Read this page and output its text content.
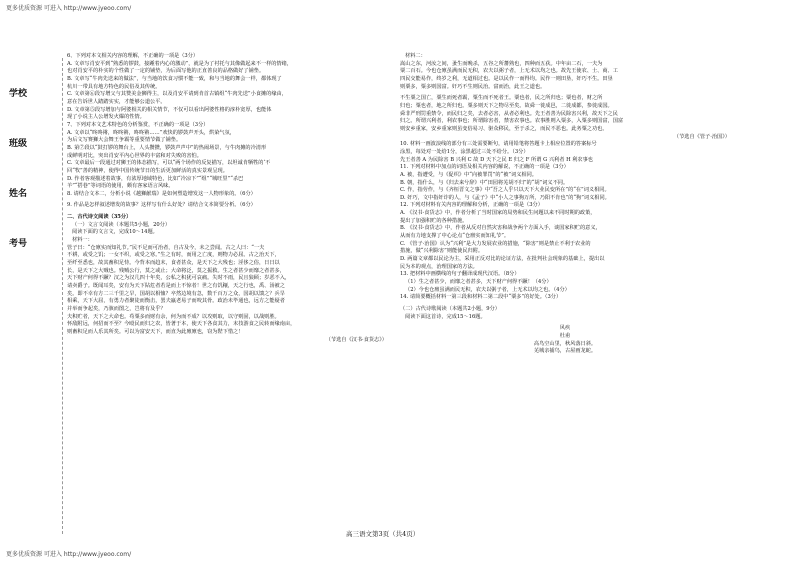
更多优质资源 可进入 http://www.jyeoo.com/
学校
班级
姓名
考号

6、下列对本文相关内容的理解，不正确的一项是（3分）

A. 文章写肖安平到“熟悉的锣鼓，接踵着内心的激动”，就是为了衬托与其像做起来不一样的情绪，

也对肖安平的朴实的个性做了一定的铺垫，为后面写他的正直善良的品格做好了铺垫。

B. 文章写“牛肉先送来的做法”，与当地的饮食习惯不能一致，和与当地的舞会一样，都体现了

杭川一带具有地方特色的民俗及其传统。

C. 文章第⑥段写增父与其赞美金狮得主，以及肖安平请到肯首古镇组“牛肉先送”小食摊的缘由，

意在告诉世人踏踏实实，才能够公道公平。

D. 文章第⑤段写增加与阿婆相关的相关情节，不仅可以看出阿婆性格的淳朴宽厚，也能体

现了小说主人公增发火爆的性情。

7、下列对本文艺术特色的分析鉴赏，不正确的一项是（3分）

A. 文章以“咚咚锵，咚咚锵，咚咚锵……”欢快的锣鼓声开头，烘染气氛，

为后文写赛狮大会舞王争霸等重要情节做了铺垫。

B. 第⑦段以“鼓打锣的舞台上，人头攒攒，锣鼓声声中”的热闹场景，与牛肉摊的冷清形

成鲜明对比，突出肖安平内心世界的丰富和对失败的害怕。

C. 文章最后一段通过对狮王的体态描写，可以“两个场作的反复描写，以坦诚肯牺牲的‘不

回“牧”善的精神，使得中国传统节日的生活更加鲜活的真实景观呈现。

D. 作者客观描述着故事，有浓厚地域特色，比如“冷凉下”“组”“城旺里”“杀巴

羊”“搭巷”等词语的使用，颇有客家语言风味。

8. 请结合文本二，分析小说《越狮献瑞》是如何塑造增发这一人物形象的。（6分）

9. 作品是怎样叙述增发的故事？这样写有什么好处？请结合文本简要分析。（6分）

二、古代诗文阅读（35分）

（一）文言文阅读（本题共5小题，20分）

阅读下面的文言文，完成10～14题。

材料一：

管子曰：“仓廪实而知礼节。”民不足而可治者，自古及今，未之尝闻。古之人曰：“一夫

不耕，或受之饥；一女不织，或受之寒。”生之有时，而用之亡度，则物力必屈。古之治天下，

至纤至悉也，故其畜积足恃。今背本而趋末，食者甚众，是天下之大残也；淫侈之俗，日日以

长，是天下之大贼也。残贼公行，莫之或止；大命将泛，莫之振救。生之者甚少而靡之者甚多，

天下财产何得不蹶？汉之为汉几四十年矣，公私之积犹可哀痛。失时不雨，民且狼顾；岁恶不入，

请卖爵子。既闻耳矣，安有为天下阽危者若是而上不惊者！世之有饥穰，天之行也，禹、汤被之

矣。即不幸有方二三千里之旱，国胡以相恤？卒然边境有急，数千百万之众，国胡以馈之？兵旱

相乘，天下大屈，有勇力者聚徒而衡击，罢夫羸老易子而咬其骨。政治未毕通也，远方之能疑者

并举而争起矣，乃骇而图之，岂将有及乎？

夫积贮者，天下之大命也。苟粟多而财有余，何为而不成？以攻则取，以守则固，以战则胜。

怀敌附远，何招而不至？今殴民而归之农，皆著于本，使天下各食其力，末技游食之民转而缘南亩，

则畜积足而人乐其所矣。可以为富安天下，而直为此廪廪也，窃为陛下惜之！

（节选自《汉书·食货志》）

材料二：

嵩山之东，河汝之间，蚤生而晚杀，五谷之所蕃熟也，四种而五获。中年亩二石，一夫为

粟二百石。今也仓廪虽满而民无积，农夫以粥子者，上无术以均之也。故先王使农、士、商、工

四民交能易作，终岁之利，无道相过也。是以民作一而得均。民作一则田垦，奸巧不生。田垦

则粟多，粟多则国富。奸巧不生则民治。富而治，此王之道也。

不生粟之国亡，粟生而死者霸，粟生而不死者王。粟也者，民之所归也；粟也者，财之所

归也；粟也者，地之所归也。粟多则天下之物尽至矣。故舜一徙成邑，二徙成都，参徙成国。

舜非严刑罚重禁令，而民归之矣，去者必害，从者必利也。先王者善为民除害兴利，故天下之民

归之。所谓兴利者，利农事也；所谓除害者，禁害农事也。农事胜则入粟多，入粟多则国富，国富

则安乡重家，安乡重家则虽变俗易习、驱众移民，至于杀之，而民不恶也。此务粟之功也。

（节选自《管子·治国》）

10. 材料一画波浪线的部分有三处需要断句，请用铅笔将答题卡上相应位置的答案标号

涂黑，每处对一处给1分，涂黑超过三处不给分。（3分）

先王者善 A 为民除害 B 兴利 C 故 D 天下之民 E 归之 F 所谓 G 兴利者 H 利农事也

11. 下列对材料中加点的词语及相关内容的解说，不正确的一项是（3分）

A. 被，指遭受，与《促织》中“向被罪罚”的“被”词义相同。

B. 朝，指什么，与《归去来兮辞》中“田园将芜胡不归”的“胡”词义不同。

C. 作，指劳作，与《齐桓晋文之事》中“吾之人乎只以天下大业民变所在”的“在”词义相同。

D. 奸巧，文中指奸诈的人，与《孟子》中“小人之事狗万所，乃阳不肯也”的“狗”词义相同。

12. 下列对材料有关内容的理解和分析，正确的一项是（3分）

A. 《汉书·食货志》中，作者分析了当时国家的局势和民生问题以来不同时期的政策，

提出了加强积贮的各种措施。

B. 《汉书·食货志》中，作者从反对自然灾害和战争两个方面入手，谈国家积贮的意义，

从而有力地支撑了中心论点“仓廪实而知礼节”。

C. 《管子·治国》认为“兴利”是大力发展农业的措施，“除害”则是禁止不利于农业的

措施，做“兴利除害”则能使民归附。

D. 两篇文章都以民论为主，采用正反对比的论证方法，在批判社会现象的基础上，提出以

民为本的观点，治理国家的方法。

13. 把材料中画横线的句子翻译成现代汉语。（8分）

（1）生之者甚少，而靡之者甚多，天下财产何得不蹶！（4分）

（2）今也仓廪虽满而民无积，农夫以粥子者，上无术以均之也。（4分）

14. 请简要概括材料一第三段和材料二第二段中“粟多”的好处。（3分）

（二）古代诗歌阅读（本题共2小题，9分）

阅读下面这首诗，完成15～16题。

风疾

杜甫

高鸟空山里，秋风落日斜。

芜城亲捕鸟，古屋画龙蛇。

高三语文第3页（共4页）
更多优质资源 可进入 http://www.jyeoo.com/
